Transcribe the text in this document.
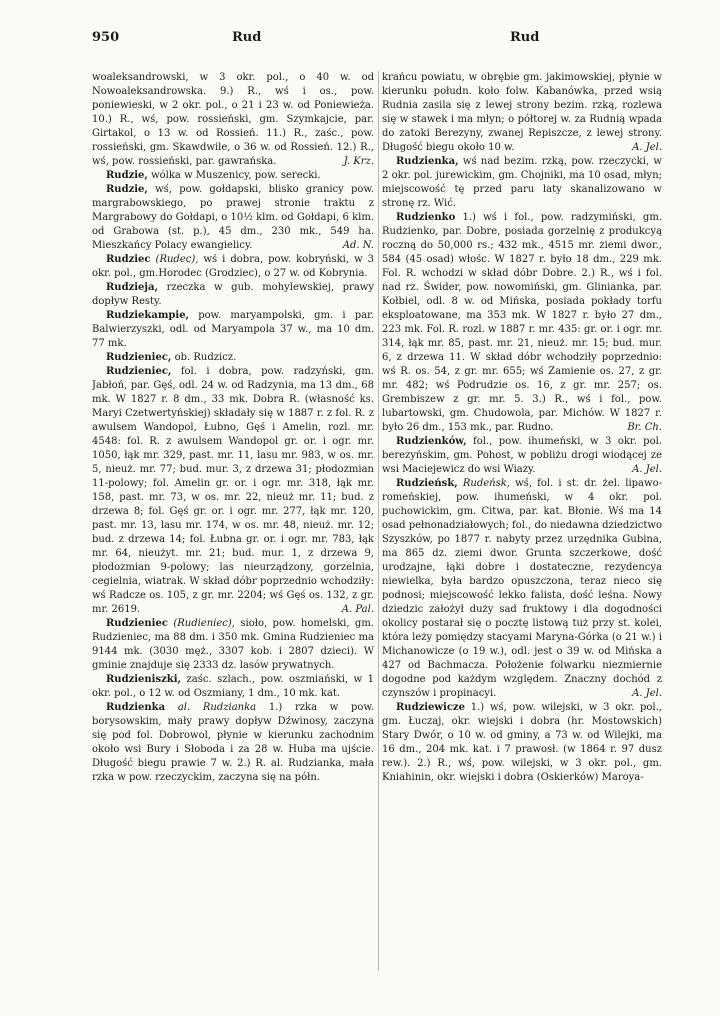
950	Rud	Rud

woaleksandrowski, w 3 okr. pol., o 40 w. od Nowoaleksandrowska. 9.) R., wś i os., pow. poniewieski, w 2 okr. pol., o 21 i 23 w. od Poniewieża. 10.) R., wś, pow. rossieński, gm. Szymkajcie, par. Girtakol, o 13 w. od Rossień. 11.) R., zaśc., pow. rossieński, gm. Skawdwile, o 36 w. od Rossień. 12.) R., wś, pow. rossieński, par. gawrańska.	J. Krz.

Rudzie, wólka w Muszenicy, pow. serecki.

Rudzie, wś, pow. gołdapski, blisko granicy pow. margrabowskiego, po prawej stronie traktu z Margrabowy do Gołdapi, o 10½ klm. od Gołdapi, 6 klm. od Grabowa (st. p.), 45 dm., 230 mk., 549 ha. Mieszkańcy Polacy ewangielicy.	Ad. N.

Rudziec (Rudec), wś i dobra, pow. kobryński, w 3 okr. pol., gm.Horodec (Grodziec), o 27 w. od Kobrynia.

Rudziejа, rzeczka w gub. mohylewskiej, prawy dopływ Resty.

Rudziekampie, pow. maryampolski, gm. i par. Balwierzyszki, odl. od Maryampola 37 w., ma 10 dm. 77 mk.

Rudzieniec, ob. Rudzicz.

Rudzieniec, fol. i dobra, pow. radzyński, gm. Jabłoń, par. Gęś, odl. 24 w. od Radzynia, ma 13 dm., 68 mk. W 1827 r. 8 dm., 33 mk. Dobra R. (własność ks. Maryi Czetwertyńskiej) składały się w 1887 r. z fol. R. z awulsem Wandopol, Łubno, Gęś i Amelin, rozl. mr. 4548: fol. R. z awulsem Wandopol gr. or. i ogr. mr. 1050, łąk mr. 329, past. mr. 11, lasu mr. 983, w os. mr. 5, nieuż. mr. 77; bud. mur. 3, z drzewa 31; płodozmian 11-polowy; fol. Amelin gr. or. i ogr. mr. 318, łąk mr. 158, past. mr. 73, w os. mr. 22, nieuż mr. 11; bud. z drzewa 8; fol. Gęś gr. or. i ogr. mr. 277, łąk mr. 120, past. mr. 13, lasu mr. 174, w os. mr. 48, nieuż. mr. 12; bud. z drzewa 14; fol. Łubna gr. or. i ogr. mr. 783, łąk mr. 64, nieużyt. mr. 21; bud. mur. 1, z drzewa 9, płodozmian 9-polowy; las nieurządzony, gorzelnia, cegielnia, wiatrak. W skład dóbr poprzednio wchodziły: wś Radcze os. 105, z gr. mr. 2204; wś Gęś os. 132, z gr. mr. 2619.	A. Pal.

Rudzieniec (Rudieniec), sioło, pow. homelski, gm. Rudzieniec, ma 88 dm. i 350 mk. Gmina Rudzieniec ma 9144 mk. (3030 męż., 3307 kob. i 2807 dzieci). W gminie znajduje się 2333 dz. lasów prywatnych.

Rudzieniszki, zaśc. szlach., pow. oszmiański, w 1 okr. pol., o 12 w. od Oszmiany, 1 dm., 10 mk. kat.

Rudzienka al. Rudzianka 1.) rzka w pow. borysowskim, mały prawy dopływ Dźwinosy, zaczyna się pod fol. Dobrowol, płynie w kierunku zachodnim około wsi Bury i Słoboda i za 28 w. Huba ma ujście. Długość biegu prawie 7 w. 2.) R. al. Rudzianka, mała rzka w pow. rzeczyckim, zaczyna się na półn.

krańcu powiatu, w obrębie gm. jakimowskiej, płynie w kierunku połudn. koło folw. Kabanówka, przed wsią Rudnia zasila się z lewej strony bezim. rzką, rozlewa się w stawek i ma młyn; o półtorej w. za Rudnią wpada do zatoki Berezyny, zwanej Repiszcze, z lewej strony. Długość biegu około 10 w.	A. Jel.

Rudzienka, wś nad bezim. rzką, pow. rzeczycki, w 2 okr. pol. jurewickim, gm. Chojniki, ma 10 osad, młyn; miejscowość tę przed paru laty skanalizowano w stronę rz. Wić.

Rudzienko 1.) wś i fol., pow. radzymiński, gm. Rudzienko, par. Dobre, posiada gorzelnię z produkcyą roczną do 50,000 rs.; 432 mk., 4515 mr. ziemi dwor., 584 (45 osad) włośc. W 1827 r. było 18 dm., 229 mk. Fol. R. wchodzi w skład dóbr Dobre. 2.) R., wś i fol. nad rz. Świder, pow. nowomiński, gm. Glinianka, par. Kołbiel, odl. 8 w. od Mińska, posiada pokłady torfu eksploatowane, ma 353 mk. W 1827 r. było 27 dm., 223 mk. Fol. R. rozl. w 1887 r. mr. 435: gr. or. i ogr. mr. 314, łąk mr. 85, past. mr. 21, nieuż. mr. 15; bud. mur. 6, z drzewa 11. W skład dóbr wchodziły poprzednio: wś R. os. 54, z gr. mr. 655; wś Zamienie os. 27, z gr. mr. 482; wś Podrudzie os. 16, z gr. mr. 257; os. Grembiszew z gr. mr. 5. 3.) R., wś i fol., pow. lubartowski, gm. Chudowola, par. Michów. W 1827 r. było 26 dm., 153 mk., par. Rudno.	Br. Ch.

Rudzienków, fol., pow. ihumeński, w 3 okr. pol. berezyńskim, gm. Pohost, w pobliżu drogi wiodącej ze wsi Maciejewicz do wsi Wiazy.	A. Jel.

Rudzieńsk, Rudeńsk, wś, fol. i st. dr. żel. lipawo-romeńskiej, pow. ihumeński, w 4 okr. pol. puchowickim, gm. Citwa, par. kat. Błonie. Wś ma 14 osad pełnonadziałowych; fol., do niedawna dziedzictwo Szyszków, po 1877 r. nabyty przez urzędnika Gubina, ma 865 dz. ziemi dwor. Grunta szczerkowe, dość urodzajne, łąki dobre i dostateczne, rezydencya niewielka, była bardzo opuszczona, teraz nieco się podnosi; miejscowość lekko falista, dość leśna. Nowy dziedzic założył duży sad fruktowy i dla dogodności okolicy postarał się o pocztę listową tuż przy st. kolei, która leży pomiędzy stacyami Maryna-Górka (o 21 w.) i Michanowicze (o 19 w.), odl. jest o 39 w. od Mińska a 427 od Bachmacza. Położenie folwarku niezmiernie dogodne pod każdym względem. Znaczny dochód z czynszów i propinacyi.	A. Jel.

Rudziewicze 1.) wś, pow. wilejski, w 3 okr. pol., gm. Łuczaj, okr. wiejski i dobra (hr. Mostowskich) Stary Dwór, o 10 w. od gminy, a 73 w. od Wilejki, ma 16 dm., 204 mk. kat. i 7 prawosł. (w 1864 r. 97 dusz rew.). 2.) R., wś, pow. wilejski, w 3 okr. pol., gm. Kniahinin, okr. wiejski i dobra (Oskierków) Maroya-
